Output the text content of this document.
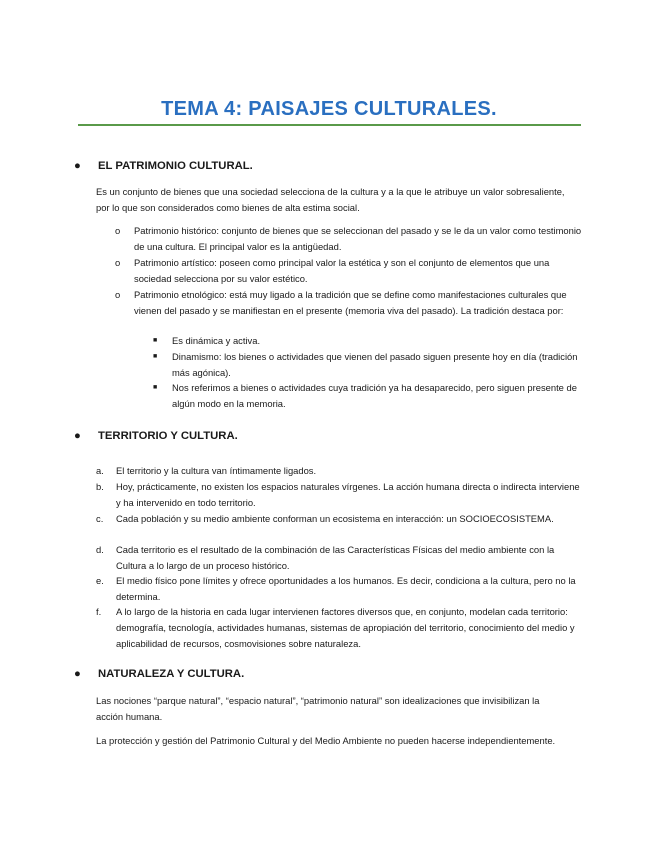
TEMA 4: PAISAJES CULTURALES.
● EL PATRIMONIO CULTURAL.
Es un conjunto de bienes que una sociedad selecciona de la cultura y a la que le atribuye un valor sobresaliente, por lo que son considerados como bienes de alta estima social.
o Patrimonio histórico: conjunto de bienes que se seleccionan del pasado y se le da un valor como testimonio de una cultura. El principal valor es la antigüedad.
o Patrimonio artístico: poseen como principal valor la estética y son el conjunto de elementos que una sociedad selecciona por su valor estético.
o Patrimonio etnológico: está muy ligado a la tradición que se define como manifestaciones culturales que vienen del pasado y se manifiestan en el presente (memoria viva del pasado). La tradición destaca por:
■ Es dinámica y activa.
■ Dinamismo: los bienes o actividades que vienen del pasado siguen presente hoy en día (tradición más agónica).
■ Nos referimos a bienes o actividades cuya tradición ya ha desaparecido, pero siguen presente de algún modo en la memoria.
● TERRITORIO Y CULTURA.
a. El territorio y la cultura van íntimamente ligados.
b. Hoy, prácticamente, no existen los espacios naturales vírgenes. La acción humana directa o indirecta interviene y ha intervenido en todo territorio.
c. Cada población y su medio ambiente conforman un ecosistema en interacción: un SOCIOECOSISTEMA.
d. Cada territorio es el resultado de la combinación de las Características Físicas del medio ambiente con la Cultura a lo largo de un proceso histórico.
e. El medio físico pone límites y ofrece oportunidades a los humanos. Es decir, condiciona a la cultura, pero no la determina.
f. A lo largo de la historia en cada lugar intervienen factores diversos que, en conjunto, modelan cada territorio: demografía, tecnología, actividades humanas, sistemas de apropiación del territorio, conocimiento del medio y aplicabilidad de recursos, cosmovisiones sobre naturaleza.
● NATURALEZA Y CULTURA.
Las nociones “parque natural”, “espacio natural”, “patrimonio natural” son idealizaciones que invisibilizan la acción humana.
La protección y gestión del Patrimonio Cultural y del Medio Ambiente no pueden hacerse independientemente.
